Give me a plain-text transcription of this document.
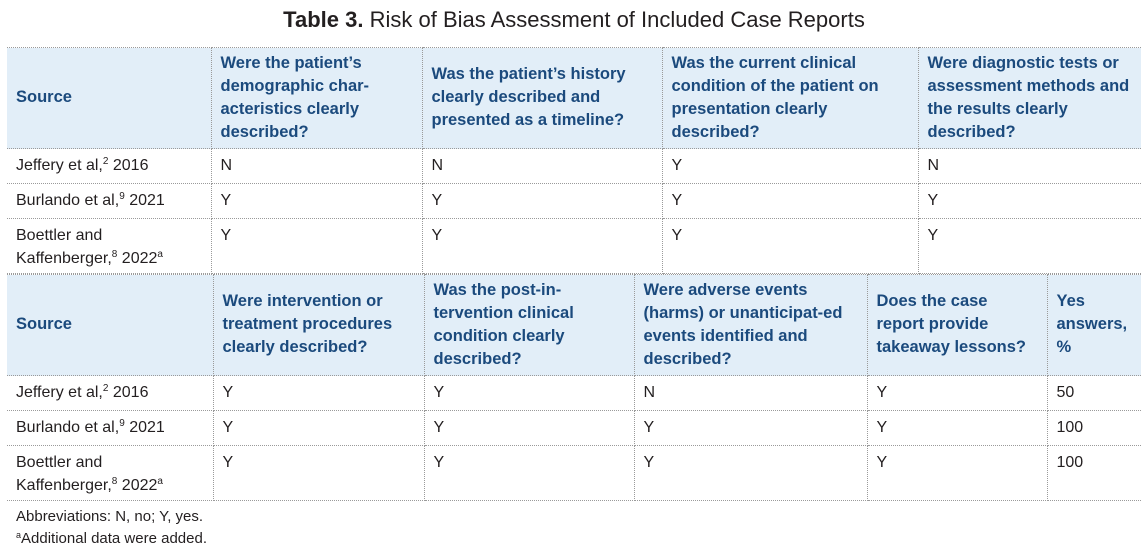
Table 3. Risk of Bias Assessment of Included Case Reports
Source	Were the patient’s demographic char-acteristics clearly described?	Was the patient’s history clearly described and presented as a timeline?	Was the current clinical condition of the patient on presentation clearly described?	Were diagnostic tests or assessment methods and the results clearly described?
Jeffery et al,$^2$ 2016	N	N	Y	N
Burlando et al,$^9$ 2021	Y	Y	Y	Y
Boettler and
Kaffenberger,$^8$ 2022$^a$	Y	Y	Y	Y
Source	Were intervention or treatment procedures clearly described?	Was the post-in-tervention clinical condition clearly described?	Were adverse events (harms) or unanticipat-ed events identified and described?	Does the case report provide takeaway lessons?	Yes answers, %
Jeffery et al,$^2$ 2016	Y	Y	N	Y	50
Burlando et al,$^9$ 2021	Y	Y	Y	Y	100
Boettler and
Kaffenberger,$^8$ 2022$^a$	Y	Y	Y	Y	100
Abbreviations: N, no; Y, yes.
$^a$Additional data were added.
